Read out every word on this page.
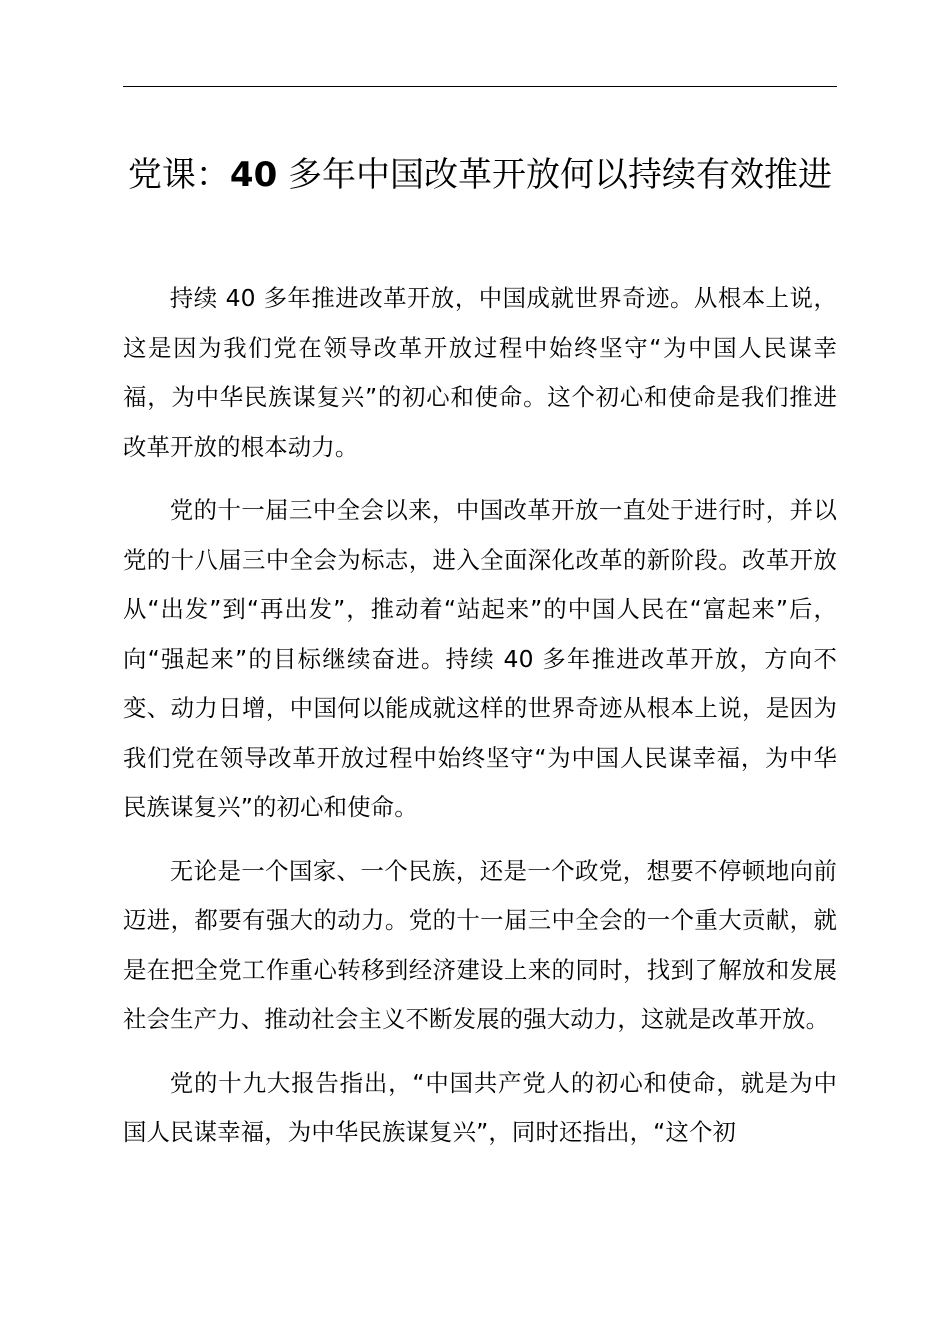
党课：40 多年中国改革开放何以持续有效推进

持续 40 多年推进改革开放，中国成就世界奇迹。从根本上说，这是因为我们党在领导改革开放过程中始终坚守“为中国人民谋幸福，为中华民族谋复兴”的初心和使命。这个初心和使命是我们推进改革开放的根本动力。

党的十一届三中全会以来，中国改革开放一直处于进行时，并以党的十八届三中全会为标志，进入全面深化改革的新阶段。改革开放从“出发”到“再出发”，推动着“站起来”的中国人民在“富起来”后，向“强起来”的目标继续奋进。持续 40 多年推进改革开放，方向不变、动力日增，中国何以能成就这样的世界奇迹从根本上说，是因为我们党在领导改革开放过程中始终坚守“为中国人民谋幸福，为中华民族谋复兴”的初心和使命。

无论是一个国家、一个民族，还是一个政党，想要不停顿地向前迈进，都要有强大的动力。党的十一届三中全会的一个重大贡献，就是在把全党工作重心转移到经济建设上来的同时，找到了解放和发展社会生产力、推动社会主义不断发展的强大动力，这就是改革开放。

党的十九大报告指出，“中国共产党人的初心和使命，就是为中国人民谋幸福，为中华民族谋复兴”，同时还指出，“这个初
